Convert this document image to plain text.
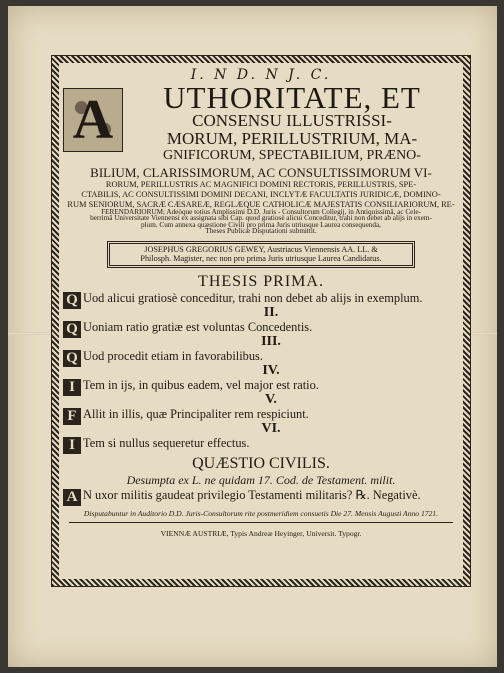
I. N D. N J. C.
A	UTHORITATE, ET
CONSENSU ILLUSTRISSI-
MORUM, PERILLUSTRIUM, MA-
GNIFICORUM, SPECTABILIUM, PRÆNO-
BILIUM, CLARISSIMORUM, AC CONSULTISSIMORUM VI-
RORUM, PERILLUSTRIS AC MAGNIFICI DOMINI RECTORIS, PERILLUSTRIS, SPE-
CTABILIS, AC CONSULTISSIMI DOMINI DECANI, INCLYTÆ FACULTATIS JURIDICÆ, DOMINO-
RUM SENIORUM, SACRÆ CÆSAREÆ, REGLÆQUE CATHOLICÆ MAJESTATIS CONSILIARIORUM, RE-
FERENDARIORUM; Adeòque totius Amplissimi D.D. Juris - Consultorum Collegij, in Antiquissimâ, ac Cele-
berrimâ Universitate Viennensi ex assignata sibi Cap. quod gratiosè alicui Conceditur, trahi non debet ab alijs in exem-
plum. Cum annexa quæstione Civili pro prima Juris utriusque Laurea consequenda,
Theses Publicæ Disputationi submittit.
JOSEPHUS GREGORIUS GEWEY, Austriacus Viennensis AA. LL. &
Philosph. Magister, nec non pro prima Juris utriusque Laurea Candidatus.
THESIS PRIMA.
Q Uod alicui gratiosè conceditur, trahi non debet ab alijs in exemplum.
II.
Q Uoniam ratio gratiæ est voluntas Concedentis.
III.
Q Uod procedit etiam in favorabilibus.
IV.
I Tem in ijs, in quibus eadem, vel major est ratio.
V.
F Allit in illis, quæ Principaliter rem respiciunt.
VI.
I Tem si nullus sequeretur effectus.
QUÆSTIO CIVILIS.
Desumpta ex L. ne quidam 17. Cod. de Testament. milit.
A N uxor militis gaudeat privilegio Testamenti militaris? ℞. Negativè.
Disputabuntur in Auditorio D.D. Juris-Consultorum rite postmeridiem consuetis Die 27. Mensis Augusti Anno 1721.
VIENNÆ AUSTRIÆ, Typis Andreæ Heyinger, Universit. Typogr.
